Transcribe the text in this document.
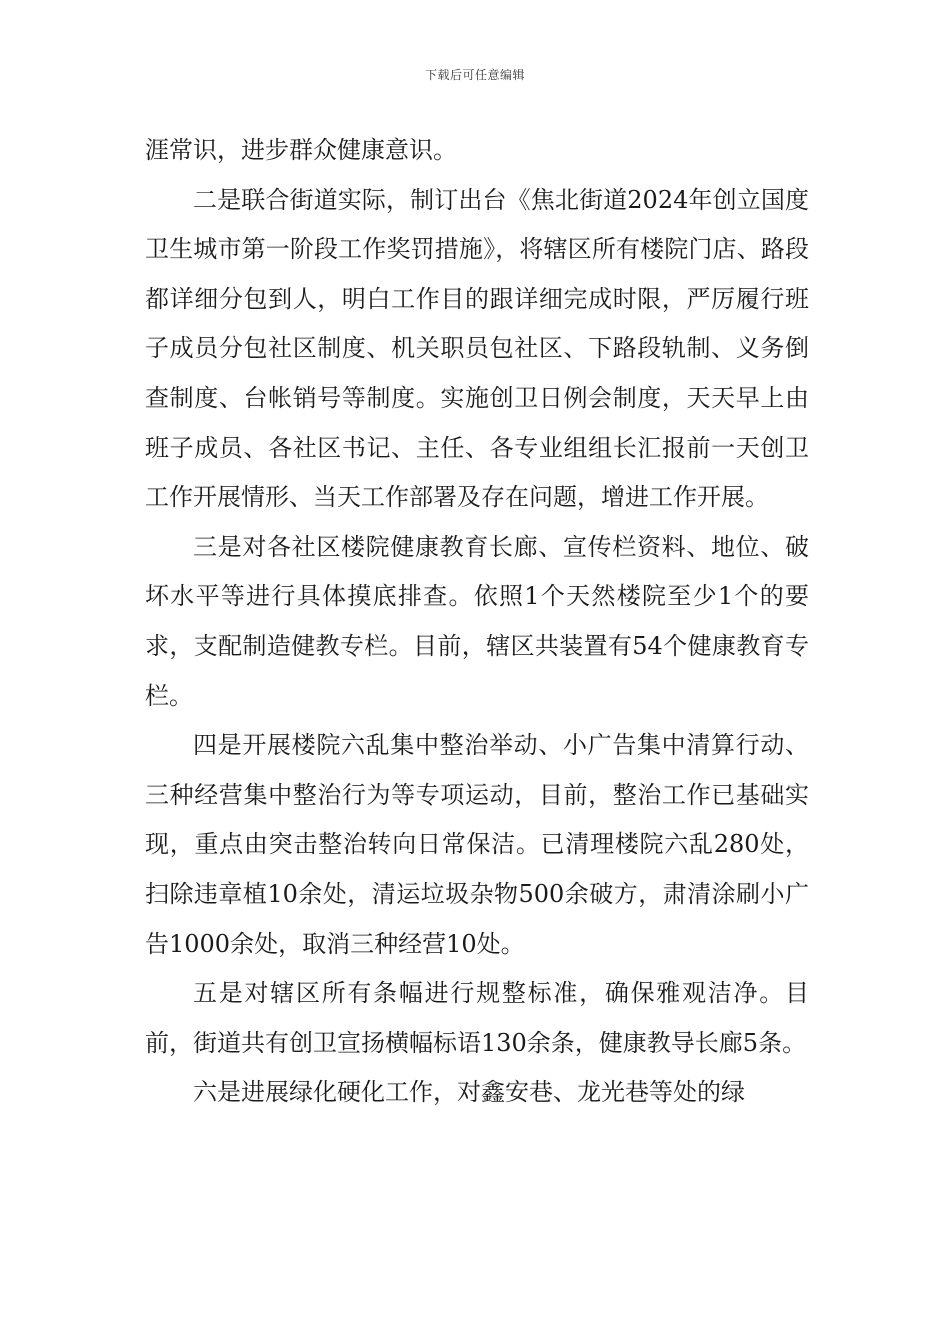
下载后可任意编辑

涯常识，进步群众健康意识。

二是联合街道实际，制订出台《焦北街道2024年创立国度卫生城市第一阶段工作奖罚措施》，将辖区所有楼院门店、路段都详细分包到人，明白工作目的跟详细完成时限，严厉履行班子成员分包社区制度、机关职员包社区、下路段轨制、义务倒查制度、台帐销号等制度。实施创卫日例会制度，天天早上由班子成员、各社区书记、主任、各专业组组长汇报前一天创卫工作开展情形、当天工作部署及存在问题，增进工作开展。

三是对各社区楼院健康教育长廊、宣传栏资料、地位、破坏水平等进行具体摸底排查。依照1个天然楼院至少1个的要求，支配制造健教专栏。目前，辖区共装置有54个健康教育专栏。

四是开展楼院六乱集中整治举动、小广告集中清算行动、三种经营集中整治行为等专项运动，目前，整治工作已基础实现，重点由突击整治转向日常保洁。已清理楼院六乱280处，扫除违章植10余处，清运垃圾杂物500余破方，肃清涂刷小广告1000余处，取消三种经营10处。

五是对辖区所有条幅进行规整标准，确保雅观洁净。目前，街道共有创卫宣扬横幅标语130余条，健康教导长廊5条。

六是进展绿化硬化工作，对鑫安巷、龙光巷等处的绿
